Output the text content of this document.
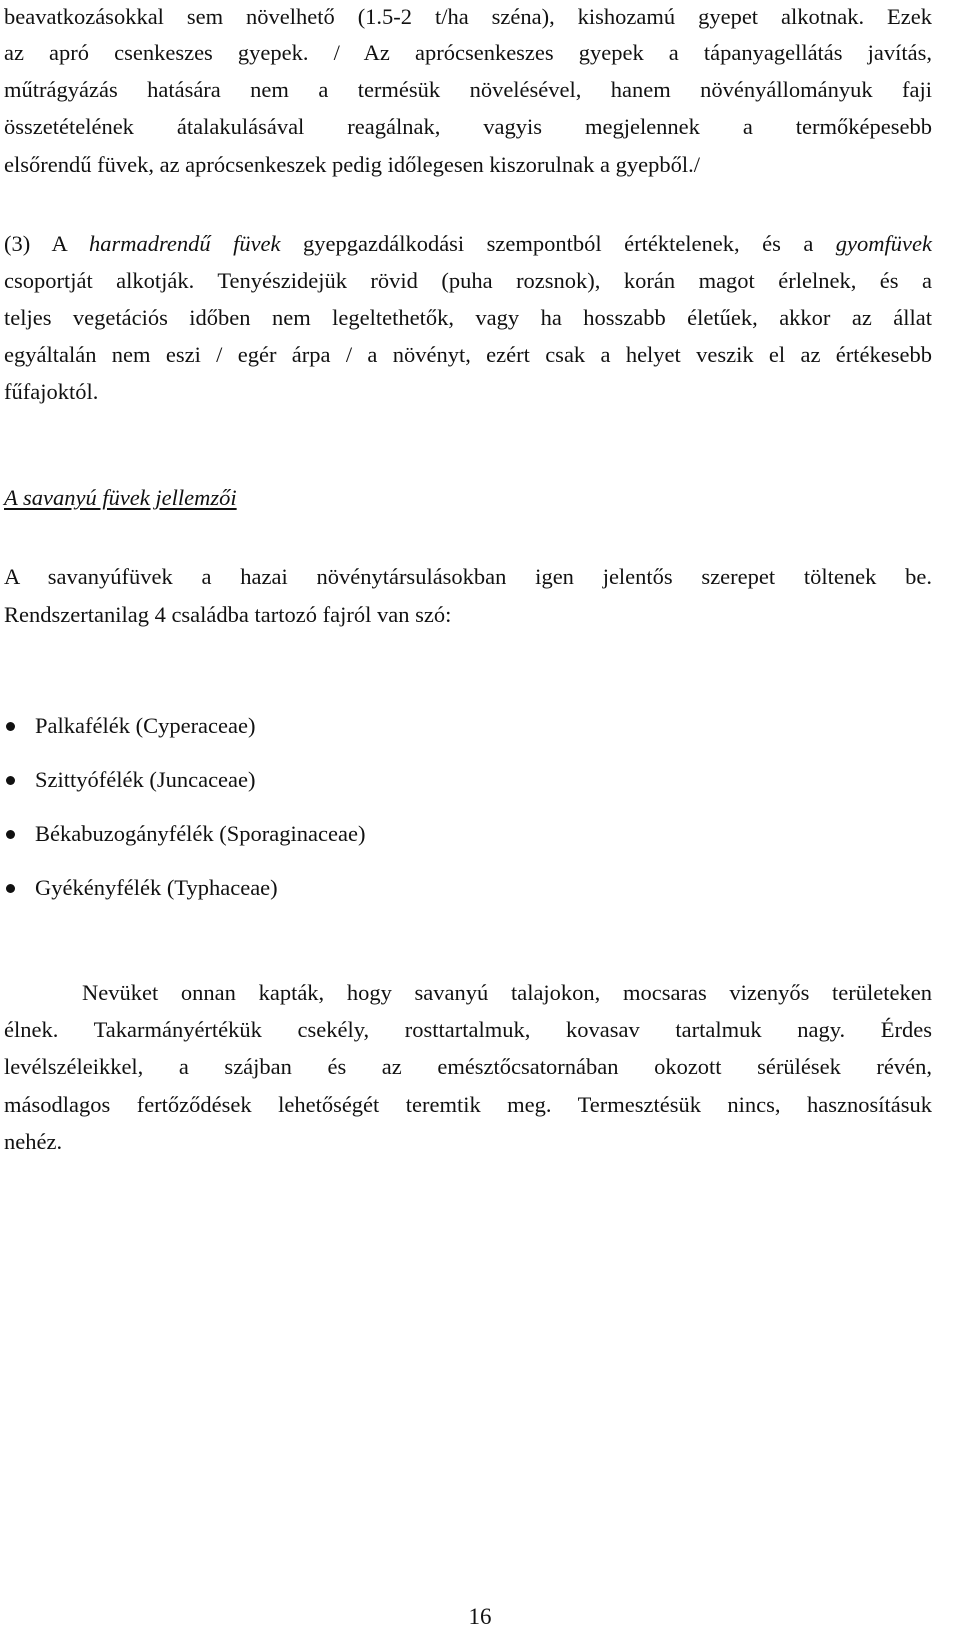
beavatkozásokkal sem növelhető (1.5-2 t/ha széna), kishozamú gyepet alkotnak. Ezek
az apró csenkeszes gyepek. / Az aprócsenkeszes gyepek a tápanyagellátás javítás,
műtrágyázás hatására nem a termésük növelésével, hanem növényállományuk faji
összetételének átalakulásával reagálnak, vagyis megjelennek a termőképesebb
elsőrendű füvek, az aprócsenkeszek pedig időlegesen kiszorulnak a gyepből./
(3) A harmadrendű füvek gyepgazdálkodási szempontból értéktelenek, és a gyomfüvek
csoportját alkotják. Tenyészidejük rövid (puha rozsnok), korán magot érlelnek, és a
teljes vegetációs időben nem legeltethetők, vagy ha hosszabb életűek, akkor az állat
egyáltalán nem eszi / egér árpa / a növényt, ezért csak a helyet veszik el az értékesebb
fűfajoktól.
A savanyú füvek jellemzői
A savanyúfüvek a hazai növénytársulásokban igen jelentős szerepet töltenek be.
Rendszertanilag 4 családba tartozó fajról van szó:
Palkafélék (Cyperaceae)
Szittyófélék (Juncaceae)
Békabuzogányfélék (Sporaginaceae)
Gyékényfélék (Typhaceae)
Nevüket onnan kapták, hogy savanyú talajokon, mocsaras vizenyős területeken
élnek. Takarmányértékük csekély, rosttartalmuk, kovasav tartalmuk nagy. Érdes
levélszéleikkel, a szájban és az emésztőcsatornában okozott sérülések révén,
másodlagos fertőződések lehetőségét teremtik meg. Termesztésük nincs, hasznosításuk
nehéz.
16
